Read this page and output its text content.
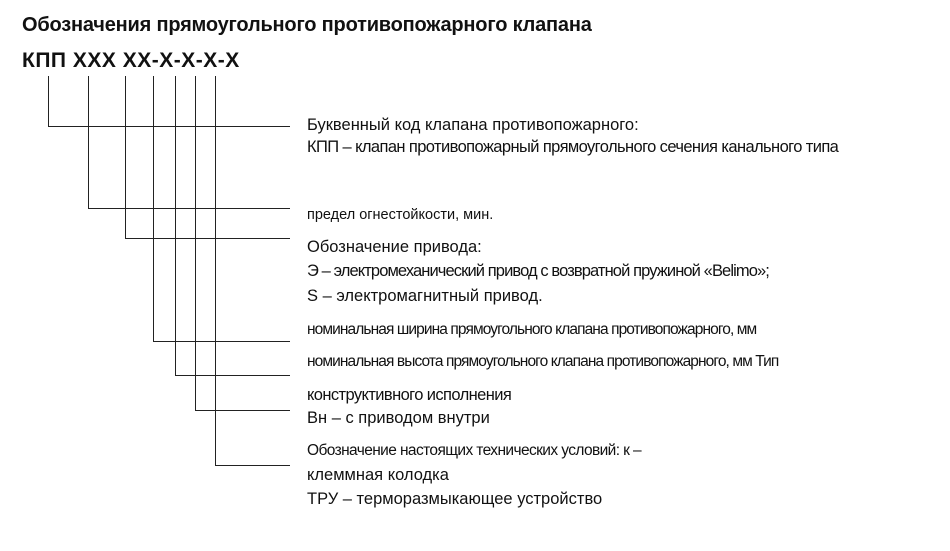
Обозначения прямоугольного противопожарного клапана
КПП XXX XX-X-X-X-X
Буквенный код клапана противопожарного:
КПП – клапан противопожарный прямоугольного сечения канального типа
предел огнестойкости, мин.
Обозначение привода:
Э – электромеханический привод с возвратной пружиной «Belimo»;
S – электромагнитный привод.
номинальная ширина прямоугольного клапана противопожарного, мм
номинальная высота прямоугольного клапана противопожарного, мм Тип
конструктивного исполнения
Вн – с приводом внутри
Обозначение настоящих технических условий: к –
клеммная колодка
ТРУ – терморазмыкающее устройство
